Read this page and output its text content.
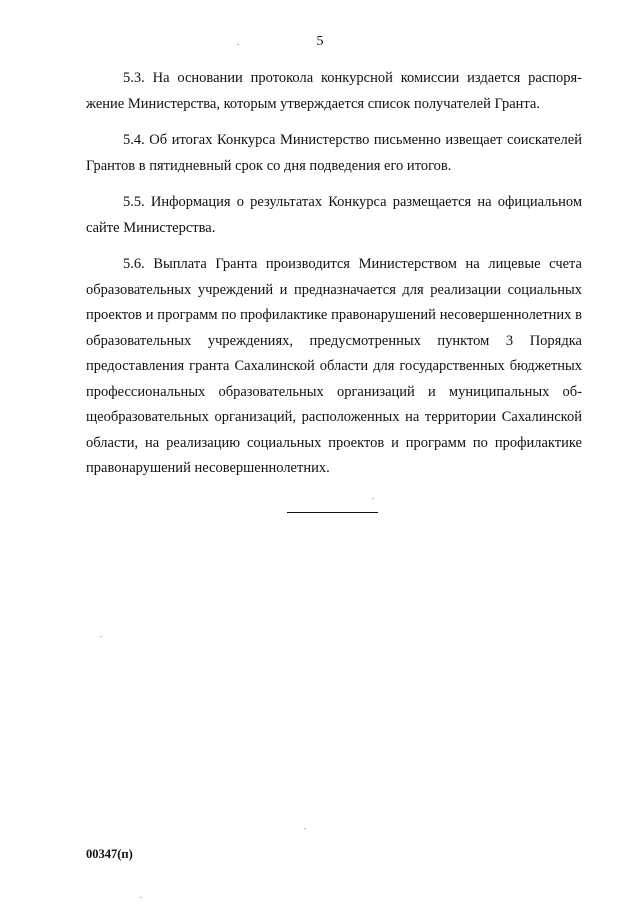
5

5.3. На основании протокола конкурсной комиссии издается распоряжение Министерства, которым утверждается список получателей Гранта.

5.4. Об итогах Конкурса Министерство письменно извещает соискателей Грантов в пятидневный срок со дня подведения его итогов.

5.5. Информация о результатах Конкурса размещается на официальном сайте Министерства.

5.6. Выплата Гранта производится Министерством на лицевые счета образовательных учреждений и предназначается для реализации социальных проектов и программ по профилактике правонарушений несовершеннолетних в образовательных учреждениях, предусмотренных пунктом 3 Порядка предоставления гранта Сахалинской области для государственных бюджетных профессиональных образовательных организаций и муниципальных общеобразовательных организаций, расположенных на территории Сахалинской области, на реализацию социальных проектов и программ по профилактике правонарушений несовершеннолетних.

00347(п)
